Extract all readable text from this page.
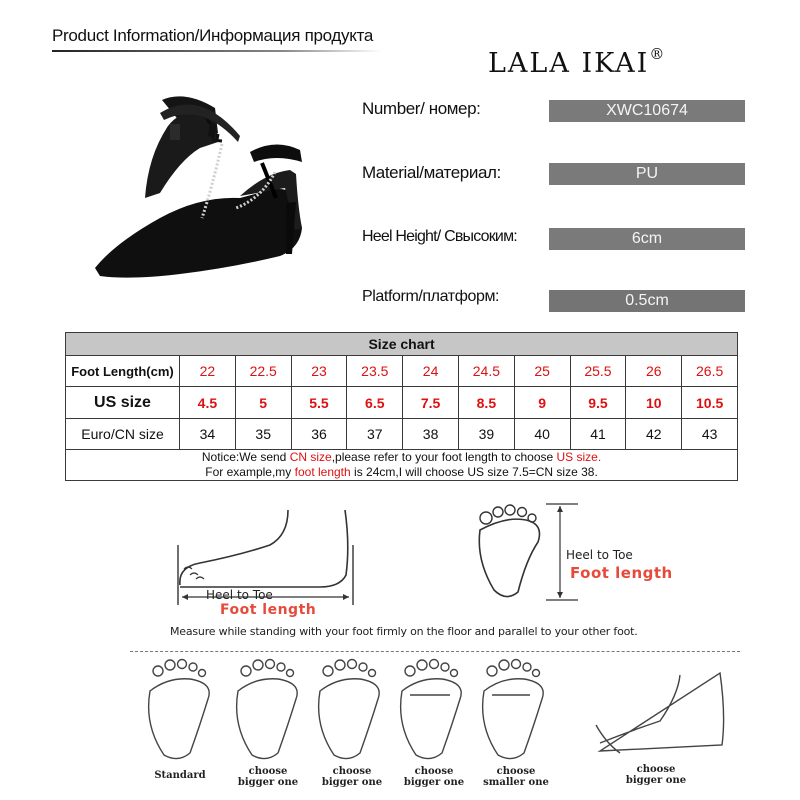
Product Information/Информация продукта
LALA IKAI®
Number/ номер:	XWC10674
Material/материал:	PU
Heel Height/ Свысоким:	6cm
Platform/платформ:	0.5cm
Size chart										
Foot Length(cm)	22	22.5	23	23.5	24	24.5	25	25.5	26	26.5
US size	4.5	5	5.5	6.5	7.5	8.5	9	9.5	10	10.5
Euro/CN size	34	35	36	37	38	39	40	41	42	43
Notice:We send CN size,please refer to your foot length to choose US size.
For example,my foot length is 24cm,I will choose US size 7.5=CN size 38.										
Heel to Toe
Foot length
Heel to Toe
Foot length
Measure while standing with your foot firmly on the floor and parallel to your other foot.
Standard	choose
bigger one
choose
bigger one
choose
bigger one
choose
smaller one
choose
bigger one
